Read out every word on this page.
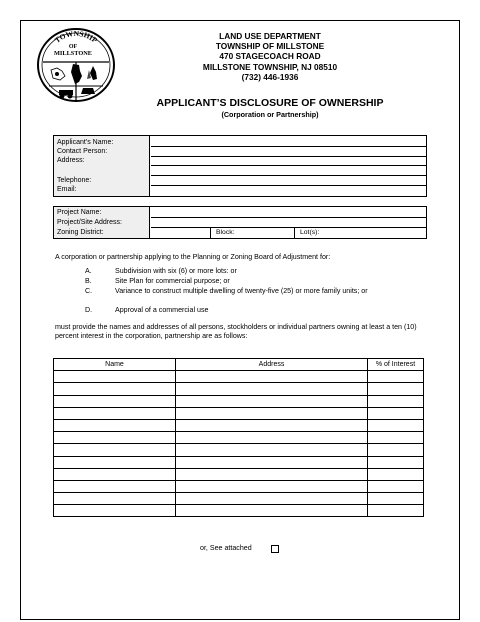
TOWNSHIP
OF
MILLSTONE
LAND USE DEPARTMENT
TOWNSHIP OF MILLSTONE
470 STAGECOACH ROAD
MILLSTONE TOWNSHIP, NJ 08510
(732) 446-1936
APPLICANT’S DISCLOSURE OF OWNERSHIP
(Corporation or Partnership)
Applicant’s Name:
Contact Person:
Address:
Telephone:
Email:
Project Name:
Project/Site Address:
Zoning District:	Block:	Lot(s):
A corporation or partnership applying to the Planning or Zoning Board of Adjustment for:
A.	Subdivision with six (6) or more lots: or
B.	Site Plan for commercial purpose; or
C.	Variance to construct multiple dwelling of twenty-five (25) or more family units; or
D.	Approval of a commercial use
must provide the names and addresses of all persons, stockholders or individual partners owning at least a ten (10) percent interest in the corporation, partnership are as follows:
Name	Address	% of Interest

or, See attached
